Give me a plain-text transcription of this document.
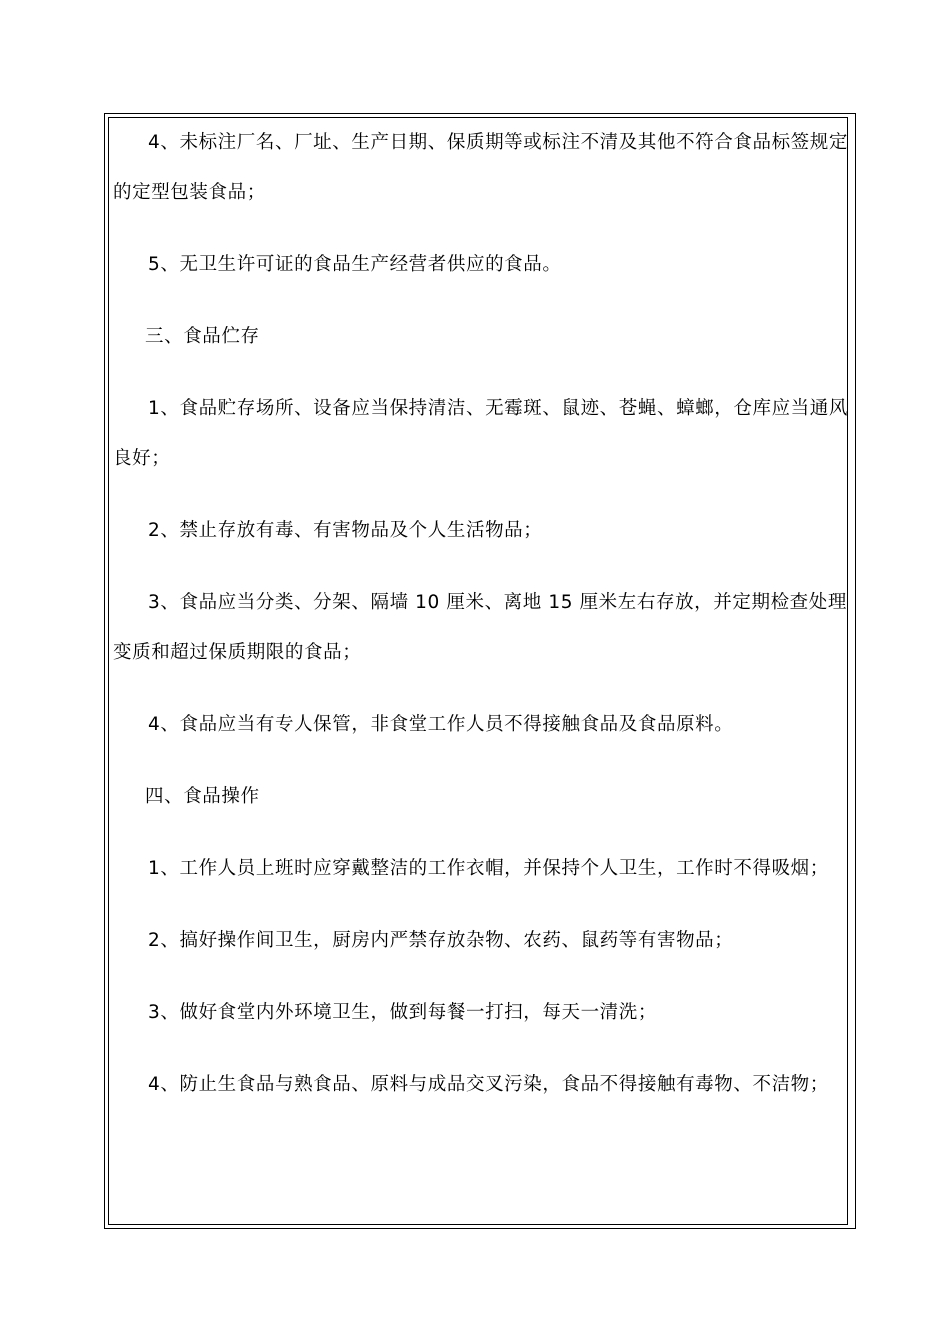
4、未标注厂名、厂址、生产日期、保质期等或标注不清及其他不符合食品标签规定的定型包装食品；

5、无卫生许可证的食品生产经营者供应的食品。

三、食品伫存

1、食品贮存场所、设备应当保持清洁、无霉斑、鼠迹、苍蝇、蟑螂，仓库应当通风良好；

2、禁止存放有毒、有害物品及个人生活物品；

3、食品应当分类、分架、隔墙 10 厘米、离地 15 厘米左右存放，并定期检查处理变质和超过保质期限的食品；

4、食品应当有专人保管，非食堂工作人员不得接触食品及食品原料。

四、食品操作

1、工作人员上班时应穿戴整洁的工作衣帽，并保持个人卫生，工作时不得吸烟；

2、搞好操作间卫生，厨房内严禁存放杂物、农药、鼠药等有害物品；

3、做好食堂内外环境卫生，做到每餐一打扫，每天一清洗；

4、防止生食品与熟食品、原料与成品交叉污染，食品不得接触有毒物、不洁物；
